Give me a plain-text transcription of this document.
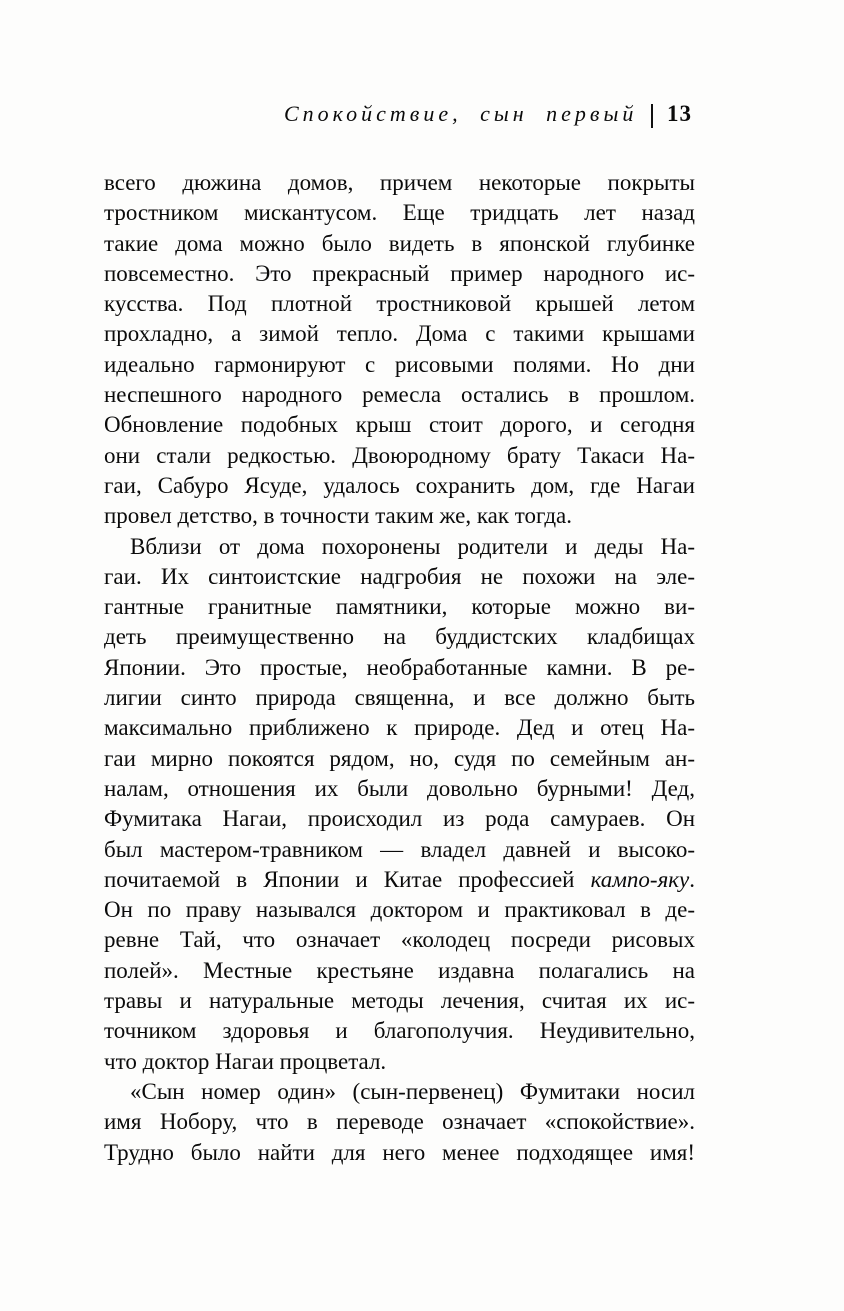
Спокойствие, сын первый 13
всего дюжина домов, причем некоторые покрыты
тростником мискантусом. Еще тридцать лет назад
такие дома можно было видеть в японской глубинке
повсеместно. Это прекрасный пример народного ис-
кусства. Под плотной тростниковой крышей летом
прохладно, а зимой тепло. Дома с такими крышами
идеально гармонируют с рисовыми полями. Но дни
неспешного народного ремесла остались в прошлом.
Обновление подобных крыш стоит дорого, и сегодня
они стали редкостью. Двоюродному брату Такаси На-
гаи, Сабуро Ясуде, удалось сохранить дом, где Нагаи
провел детство, в точности таким же, как тогда.
Вблизи от дома похоронены родители и деды На-
гаи. Их синтоистские надгробия не похожи на эле-
гантные гранитные памятники, которые можно ви-
деть преимущественно на буддистских кладбищах
Японии. Это простые, необработанные камни. В ре-
лигии синто природа священна, и все должно быть
максимально приближено к природе. Дед и отец На-
гаи мирно покоятся рядом, но, судя по семейным ан-
налам, отношения их были довольно бурными! Дед,
Фумитака Нагаи, происходил из рода самураев. Он
был мастером-травником — владел давней и высоко-
почитаемой в Японии и Китае профессией кампо-яку.
Он по праву назывался доктором и практиковал в де-
ревне Тай, что означает «колодец посреди рисовых
полей». Местные крестьяне издавна полагались на
травы и натуральные методы лечения, считая их ис-
точником здоровья и благополучия. Неудивительно,
что доктор Нагаи процветал.
«Сын номер один» (сын-первенец) Фумитаки носил
имя Нобору, что в переводе означает «спокойствие».
Трудно было найти для него менее подходящее имя!
